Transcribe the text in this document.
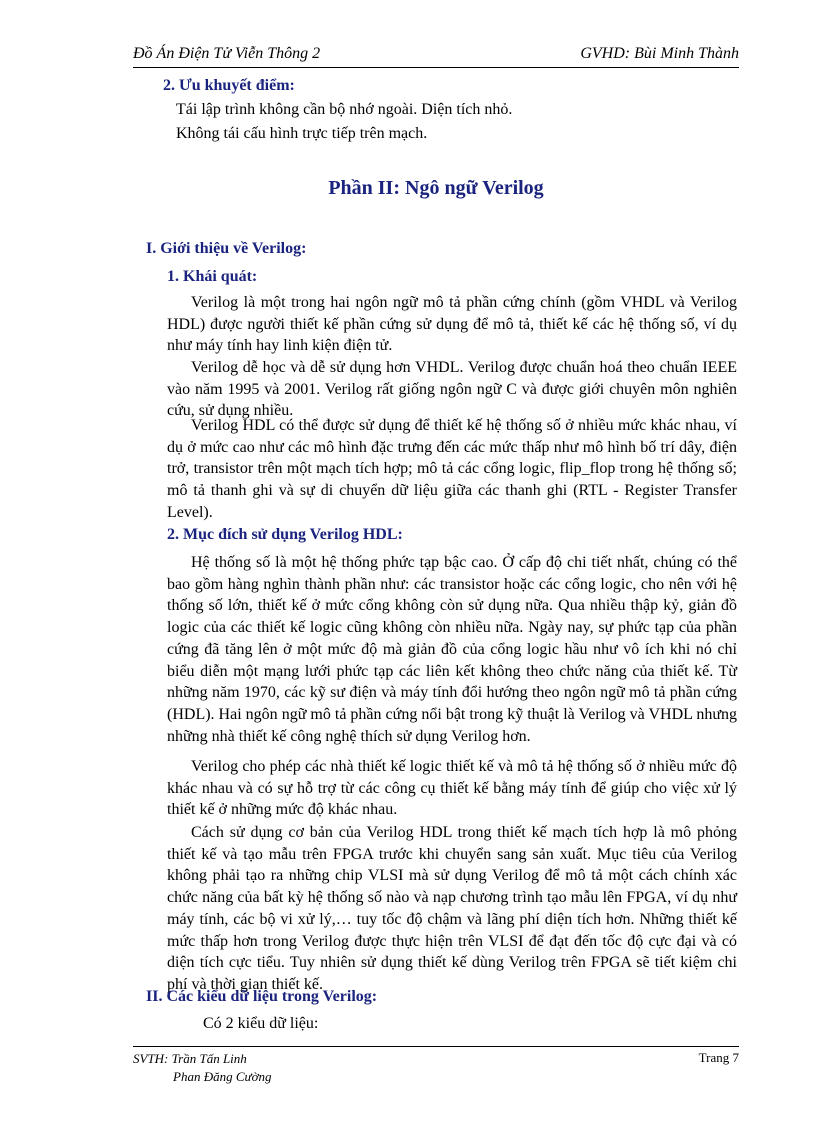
Đồ Án Điện Tử Viễn Thông 2	GVHD: Bùi Minh Thành
2. Ưu khuyết điểm:
Tái lập trình không cần bộ nhớ ngoài. Diện tích nhỏ.
Không tái cấu hình trực tiếp trên mạch.
Phần II: Ngô ngữ Verilog
I. Giới thiệu về Verilog:
1. Khái quát:

Verilog là một trong hai ngôn ngữ mô tả phần cứng chính (gồm VHDL và Verilog HDL) được người thiết kế phần cứng sử dụng để mô tả, thiết kế các hệ thống số, ví dụ như máy tính hay linh kiện điện tử.

Verilog dễ học và dễ sử dụng hơn VHDL. Verilog được chuẩn hoá theo chuẩn IEEE vào năm 1995 và 2001. Verilog rất giống ngôn ngữ C và được giới chuyên môn nghiên cứu, sử dụng nhiều.

Verilog HDL có thể được sử dụng để thiết kế hệ thống số ở nhiều mức khác nhau, ví dụ ở mức cao như các mô hình đặc trưng đến các mức thấp như mô hình bố trí dây, điện trở, transistor trên một mạch tích hợp; mô tả các cổng logic, flip_flop trong hệ thống số; mô tả thanh ghi và sự di chuyển dữ liệu giữa các thanh ghi (RTL - Register Transfer Level).

2. Mục đích sử dụng Verilog HDL:

Hệ thống số là một hệ thống phức tạp bậc cao. Ở cấp độ chi tiết nhất, chúng có thể bao gồm hàng nghìn thành phần như: các transistor hoặc các cổng logic, cho nên với hệ thống số lớn, thiết kế ở mức cổng không còn sử dụng nữa. Qua nhiều thập kỷ, giản đồ logic của các thiết kế logic cũng không còn nhiều nữa. Ngày nay, sự phức tạp của phần cứng đã tăng lên ở một mức độ mà giản đồ của cổng logic hầu như vô ích khi nó chỉ biểu diễn một mạng lưới phức tạp các liên kết không theo chức năng của thiết kế. Từ những năm 1970, các kỹ sư điện và máy tính đổi hướng theo ngôn ngữ mô tả phần cứng (HDL). Hai ngôn ngữ mô tả phần cứng nổi bật trong kỹ thuật là Verilog và VHDL nhưng những nhà thiết kế công nghệ thích sử dụng Verilog hơn.

Verilog cho phép các nhà thiết kế logic thiết kế và mô tả hệ thống số ở nhiều mức độ khác nhau và có sự hỗ trợ từ các công cụ thiết kế bằng máy tính để giúp cho việc xử lý thiết kế ở những mức độ khác nhau.

Cách sử dụng cơ bản của Verilog HDL trong thiết kế mạch tích hợp là mô phỏng thiết kế và tạo mẫu trên FPGA trước khi chuyển sang sản xuất. Mục tiêu của Verilog không phải tạo ra những chip VLSI mà sử dụng Verilog để mô tả một cách chính xác chức năng của bất kỳ hệ thống số nào và nạp chương trình tạo mẫu lên FPGA, ví dụ như máy tính, các bộ vi xử lý,… tuy tốc độ chậm và lãng phí diện tích hơn. Những thiết kế mức thấp hơn trong Verilog được thực hiện trên VLSI để đạt đến tốc độ cực đại và có diện tích cực tiểu. Tuy nhiên sử dụng thiết kế dùng Verilog trên FPGA sẽ tiết kiệm chi phí và thời gian thiết kế.

II. Các kiểu dữ liệu trong Verilog:
Có 2 kiểu dữ liệu:
SVTH: Trần Tấn Linh
Phan Đăng Cường
Trang 7
